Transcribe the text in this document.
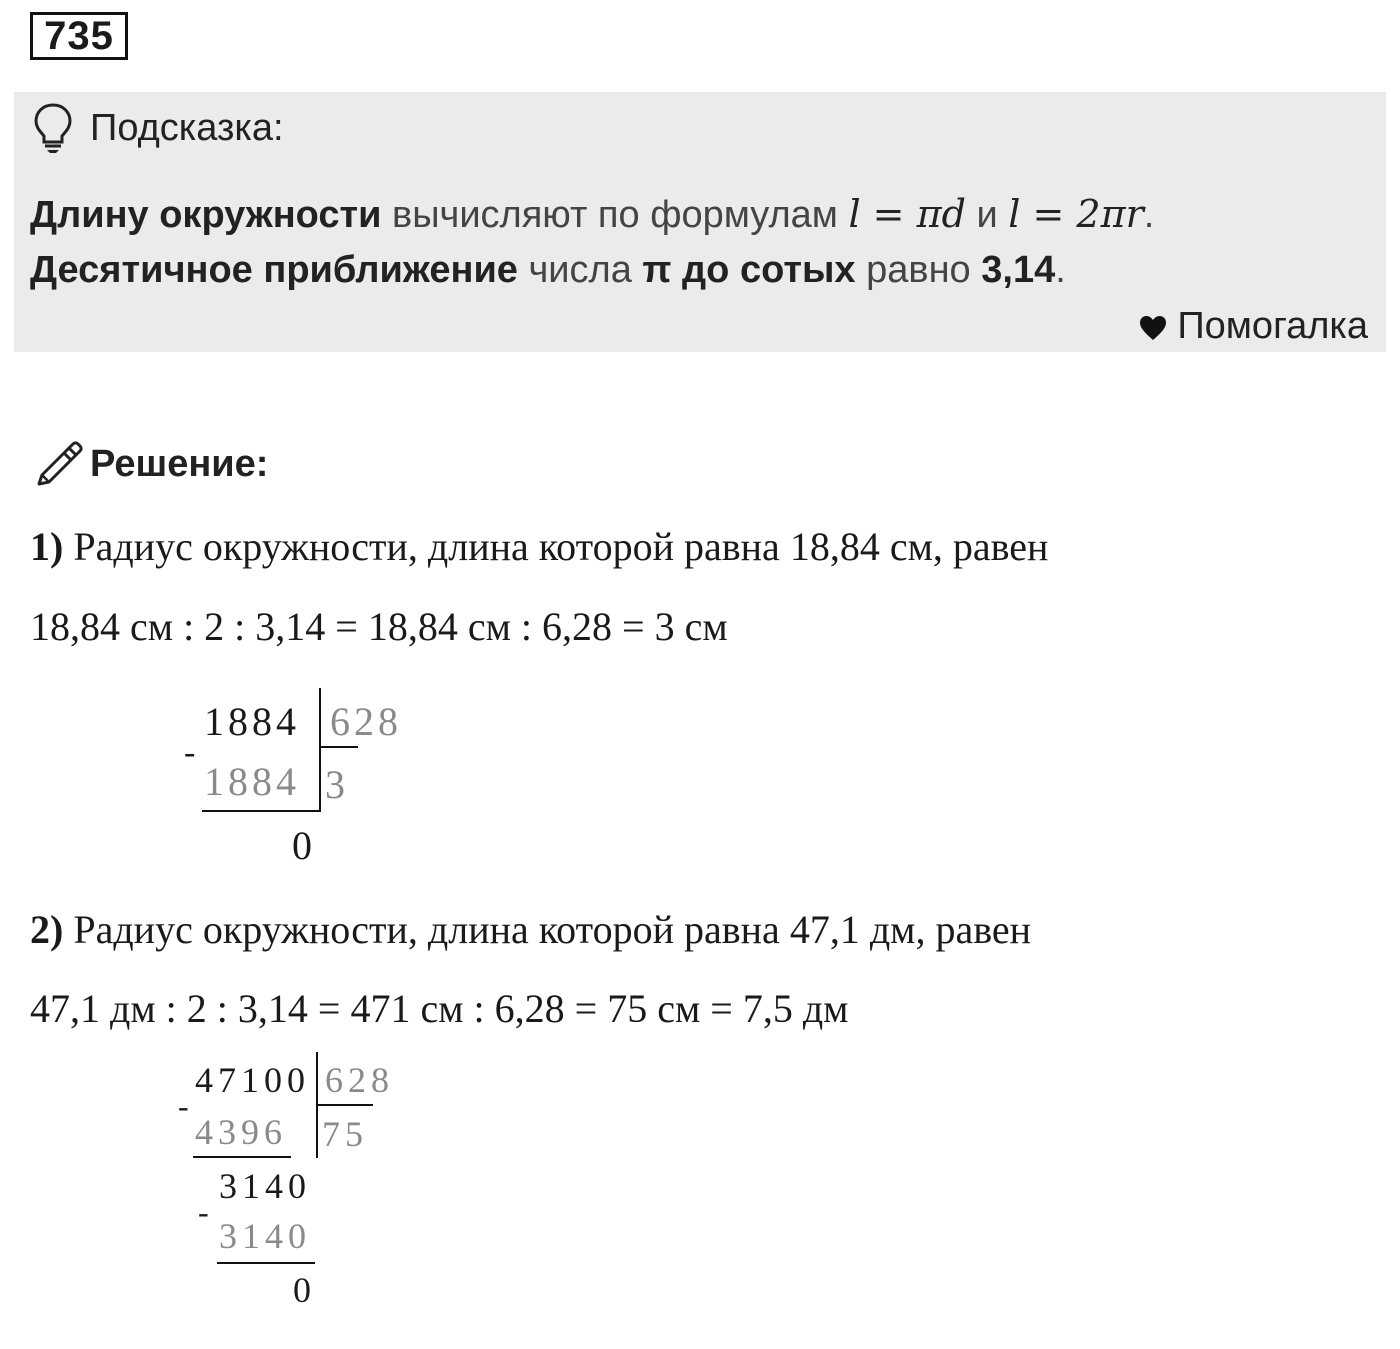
735
Подсказка:
Длину окружности вычисляют по формулам l = πd и l = 2πr.
Десятичное приближение числа π до сотых равно 3,14.
Помогалка
Решение:
1) Радиус окружности, длина которой равна 18,84 см, равен
18,84 см : 2 : 3,14 = 18,84 см : 6,28 = 3 см
1884 628
-
1884 3
0
2) Радиус окружности, длина которой равна 47,1 дм, равен
47,1 дм : 2 : 3,14 = 471 см : 6,28 = 75 см = 7,5 дм
47100 628
-
4396 75
3140
-
3140
0
